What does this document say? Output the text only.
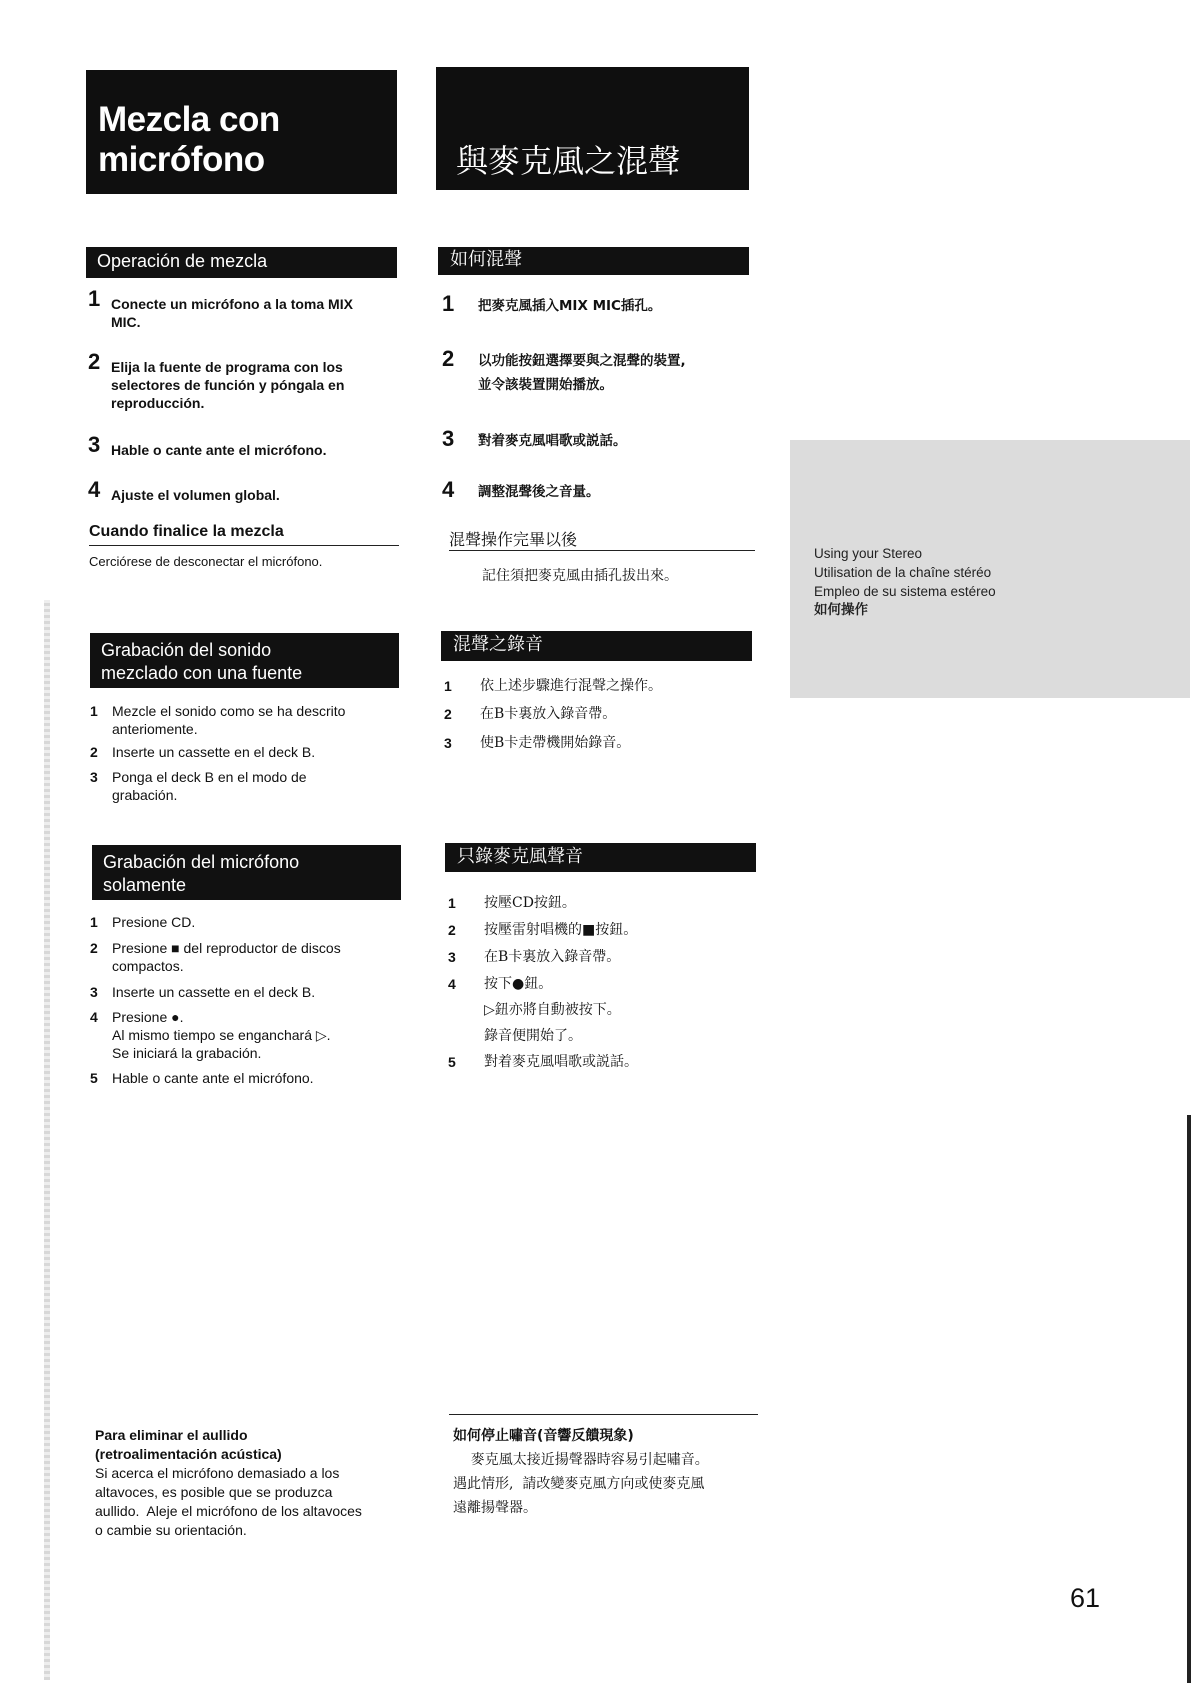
Mezcla con
micrófono	與麥克風之混聲
Operación de mezcla
1 Conecte un micrófono a la toma MIX
MIC.
2 Elija la fuente de programa con los
selectores de función y póngala en
reproducción.
3 Hable o cante ante el micrófono.
4 Ajuste el volumen global.
Cuando finalice la mezcla
Cerciórese de desconectar el micrófono.
Grabación del sonido
mezclado con una fuente
1 Mezcle el sonido como se ha descrito
anteriomente.
2 Inserte un cassette en el deck B.
3 Ponga el deck B en el modo de
grabación.
Grabación del micrófono
solamente
1 Presione CD.
2 Presione ■ del reproductor de discos
compactos.
3 Inserte un cassette en el deck B.
4 Presione ●.
Al mismo tiempo se enganchará ▷.
Se iniciará la grabación.
5 Hable o cante ante el micrófono.
Para eliminar el aullido
(retroalimentación acústica)
Si acerca el micrófono demasiado a los
altavoces, es posible que se produzca
aullido.  Aleje el micrófono de los altavoces
o cambie su orientación.
如何混聲
1 把麥克風插入MIX MIC插孔。
2 以功能按鈕選擇要與之混聲的裝置,
並令該裝置開始播放。
3 對着麥克風唱歌或説話。
4 調整混聲後之音量。
混聲操作完畢以後
記住須把麥克風由插孔拔出來。
混聲之錄音
1 依上述步驟進行混聲之操作。
2 在B卡裏放入錄音帶。
3 使B卡走帶機開始錄音。
只錄麥克風聲音
1 按壓CD按鈕。
2 按壓雷射唱機的■按鈕。
3 在B卡裏放入錄音帶。
4 按下●鈕。
▷鈕亦將自動被按下。
錄音便開始了。
5 對着麥克風唱歌或説話。
如何停止嘯音(音響反饋現象)
麥克風太接近揚聲器時容易引起嘯音。
遇此情形,  請改變麥克風方向或使麥克風
遠離揚聲器。
Using your Stereo
Utilisation de la chaîne stéréo
Empleo de su sistema estéreo
如何操作
61
